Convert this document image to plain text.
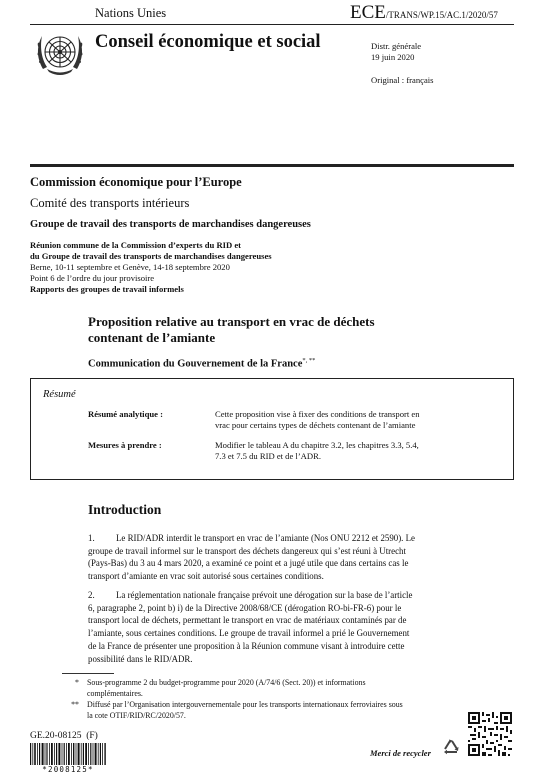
Nations Unies	ECE/TRANS/WP.15/AC.1/2020/57
Conseil économique et social	Distr. générale
19 juin 2020
Original : français
Commission économique pour l’Europe
Comité des transports intérieurs
Groupe de travail des transports de marchandises dangereuses
Réunion commune de la Commission d’experts du RID et
du Groupe de travail des transports de marchandises dangereuses
Berne, 10-11 septembre et Genève, 14-18 septembre 2020
Point 6 de l’ordre du jour provisoire
Rapports des groupes de travail informels
Proposition relative au transport en vrac de déchets
contenant de l’amiante
Communication du Gouvernement de la France*, **
Résumé
Résumé analytique :	Cette proposition vise à fixer des conditions de transport en
vrac pour certains types de déchets contenant de l’amiante
Mesures à prendre :	Modifier le tableau A du chapitre 3.2, les chapitres 3.3, 5.4,
7.3 et 7.5 du RID et de l’ADR.
Introduction
1. Le RID/ADR interdit le transport en vrac de l’amiante (Nos ONU 2212 et 2590). Le
groupe de travail informel sur le transport des déchets dangereux qui s’est réuni à Utrecht
(Pays-Bas) du 3 au 4 mars 2020, a examiné ce point et a jugé utile que dans certains cas le
transport d’amiante en vrac soit autorisé sous certaines conditions.
2. La réglementation nationale française prévoit une dérogation sur la base de l’article
6, paragraphe 2, point b) i) de la Directive 2008/68/CE (dérogation RO-bi-FR-6) pour le
transport local de déchets, permettant le transport en vrac de matériaux contaminés par de
l’amiante, sous certaines conditions. Le groupe de travail informel a prié le Gouvernement
de la France de présenter une proposition à la Réunion commune visant à introduire cette
possibilité dans le RID/ADR.
* Sous-programme 2 du budget-programme pour 2020 (A/74/6 (Sect. 20)) et informations
complémentaires.
** Diffusé par l’Organisation intergouvernementale pour les transports internationaux ferroviaires sous
la cote OTIF/RID/RC/2020/57.
GE.20-08125  (F)
*2008125*
Merci de recycler
